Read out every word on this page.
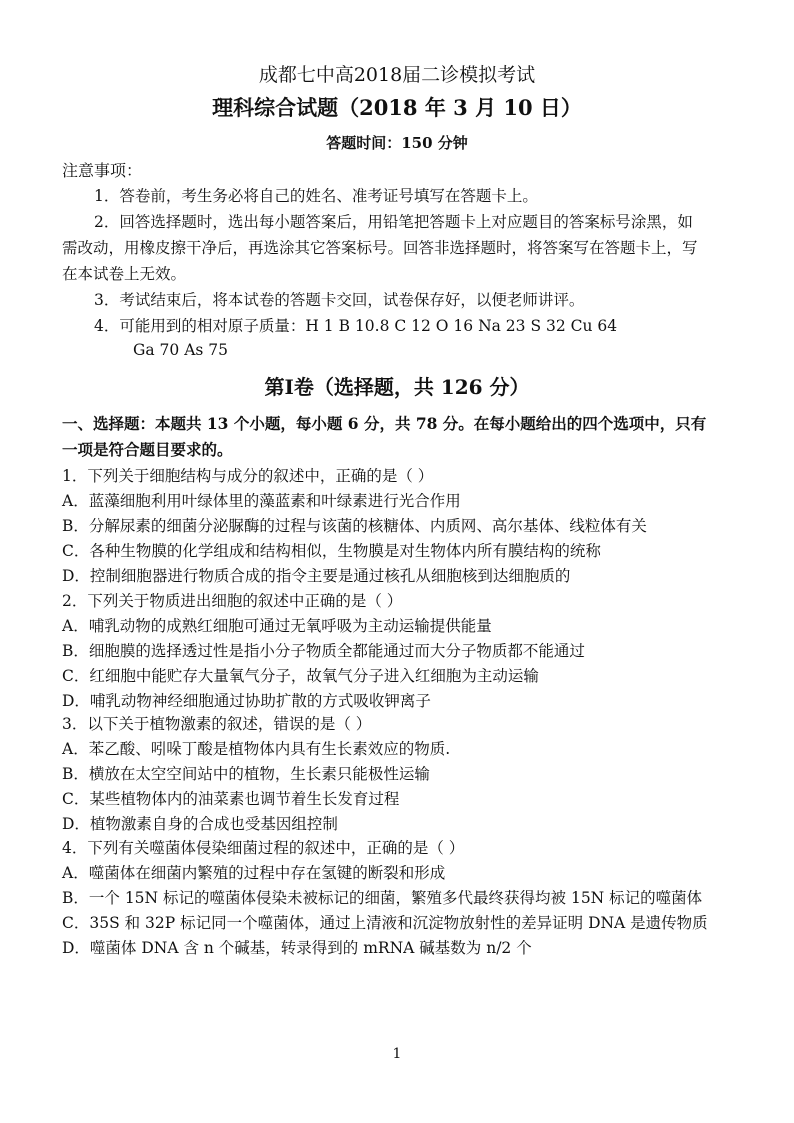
成都七中高2018届二诊模拟考试
理科综合试题（2018 年 3 月 10 日）
答题时间：150 分钟
注意事项：
1．答卷前，考生务必将自己的姓名、准考证号填写在答题卡上。
2．回答选择题时，选出每小题答案后，用铅笔把答题卡上对应题目的答案标号涂黑，如
需改动，用橡皮擦干净后，再选涂其它答案标号。回答非选择题时，将答案写在答题卡上，写
在本试卷上无效。
3．考试结束后，将本试卷的答题卡交回，试卷保存好，以便老师讲评。
4．可能用到的相对原子质量：H 1 B 10.8 C 12 O 16 Na 23 S 32 Cu 64
Ga 70 As 75
第Ⅰ卷（选择题，共 126 分）
一、选择题：本题共 13 个小题，每小题 6 分，共 78 分。在每小题给出的四个选项中，只有
一项是符合题目要求的。
1．下列关于细胞结构与成分的叙述中，正确的是（ ）
A．蓝藻细胞利用叶绿体里的藻蓝素和叶绿素进行光合作用
B．分解尿素的细菌分泌脲酶的过程与该菌的核糖体、内质网、高尔基体、线粒体有关
C．各种生物膜的化学组成和结构相似，生物膜是对生物体内所有膜结构的统称
D．控制细胞器进行物质合成的指令主要是通过核孔从细胞核到达细胞质的
2．下列关于物质进出细胞的叙述中正确的是（ ）
A．哺乳动物的成熟红细胞可通过无氧呼吸为主动运输提供能量
B．细胞膜的选择透过性是指小分子物质全都能通过而大分子物质都不能通过
C．红细胞中能贮存大量氧气分子，故氧气分子进入红细胞为主动运输
D．哺乳动物神经细胞通过协助扩散的方式吸收钾离子
3．以下关于植物激素的叙述，错误的是（ ）
A．苯乙酸、吲哚丁酸是植物体内具有生长素效应的物质.
B．横放在太空空间站中的植物，生长素只能极性运输
C．某些植物体内的油菜素也调节着生长发育过程
D．植物激素自身的合成也受基因组控制
4．下列有关噬菌体侵染细菌过程的叙述中，正确的是（ ）
A．噬菌体在细菌内繁殖的过程中存在氢键的断裂和形成
B．一个 15N 标记的噬菌体侵染未被标记的细菌，繁殖多代最终获得均被 15N 标记的噬菌体
C．35S 和 32P 标记同一个噬菌体，通过上清液和沉淀物放射性的差异证明 DNA 是遗传物质
D．噬菌体 DNA 含 n 个碱基，转录得到的 mRNA 碱基数为 n/2 个
1
